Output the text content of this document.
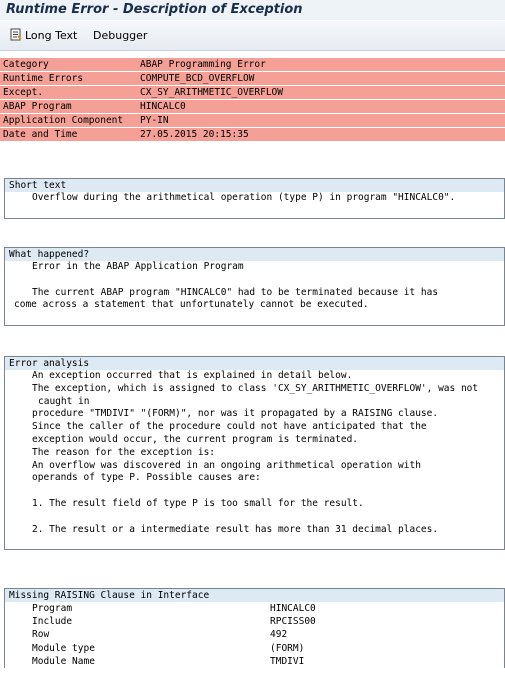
Runtime Error - Description of Exception
Long Text Debugger
Category	ABAP Programming Error
Runtime Errors	COMPUTE_BCD_OVERFLOW
Except.	CX_SY_ARITHMETIC_OVERFLOW
ABAP Program	HINCALC0
Application Component PY-IN
Date and Time	27.05.2015 20:15:35
Short text
Overflow during the arithmetical operation (type P) in program "HINCALC0".
What happened?
Error in the ABAP Application Program
The current ABAP program "HINCALC0" had to be terminated because it has
come across a statement that unfortunately cannot be executed.
Error analysis
An exception occurred that is explained in detail below.
The exception, which is assigned to class 'CX_SY_ARITHMETIC_OVERFLOW', was not
caught in
procedure "TMDIVI" "(FORM)", nor was it propagated by a RAISING clause.
Since the caller of the procedure could not have anticipated that the
exception would occur, the current program is terminated.
The reason for the exception is:
An overflow was discovered in an ongoing arithmetical operation with
operands of type P. Possible causes are:
1. The result field of type P is too small for the result.
2. The result or a intermediate result has more than 31 decimal places.
Missing RAISING Clause in Interface
Program	HINCALC0
Include	RPCISS00
Row	492
Module type	(FORM)
Module Name	TMDIVI
